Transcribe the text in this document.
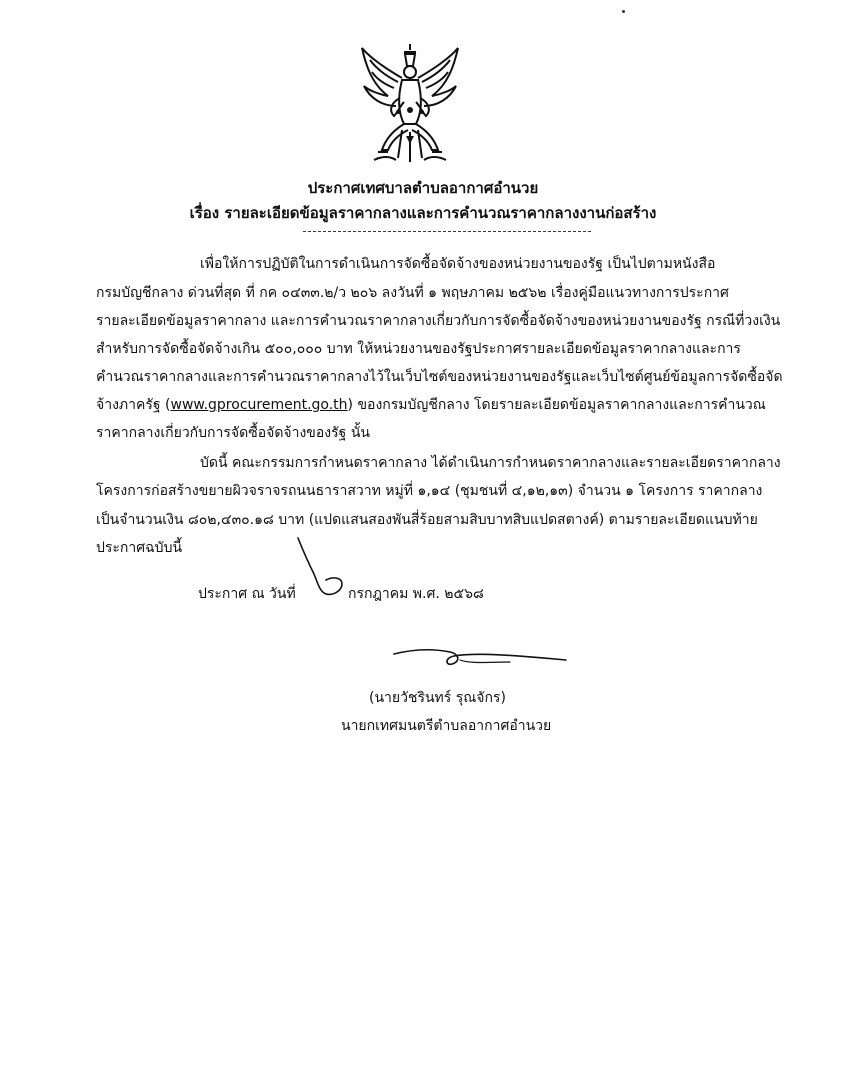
ประกาศเทศบาลตำบลอากาศอำนวย
เรื่อง รายละเอียดข้อมูลราคากลางและการคำนวณราคากลางงานก่อสร้าง
เพื่อให้การปฏิบัติในการดำเนินการจัดซื้อจัดจ้างของหน่วยงานของรัฐ เป็นไปตามหนังสือ
กรมบัญชีกลาง ด่วนที่สุด ที่ กค ๐๔๓๓.๒/ว ๒๐๖ ลงวันที่ ๑ พฤษภาคม ๒๕๖๒ เรื่องคู่มือแนวทางการประกาศ
รายละเอียดข้อมูลราคากลาง และการคำนวณราคากลางเกี่ยวกับการจัดซื้อจัดจ้างของหน่วยงานของรัฐ กรณีที่วงเงิน
สำหรับการจัดซื้อจัดจ้างเกิน ๕๐๐,๐๐๐ บาท ให้หน่วยงานของรัฐประกาศรายละเอียดข้อมูลราคากลางและการ
คำนวณราคากลางและการคำนวณราคากลางไว้ในเว็บไซต์ของหน่วยงานของรัฐและเว็บไซต์ศูนย์ข้อมูลการจัดซื้อจัด
จ้างภาครัฐ (www.gprocurement.go.th) ของกรมบัญชีกลาง โดยรายละเอียดข้อมูลราคากลางและการคำนวณ
ราคากลางเกี่ยวกับการจัดซื้อจัดจ้างของรัฐ นั้น
บัดนี้ คณะกรรมการกำหนดราคากลาง ได้ดำเนินการกำหนดราคากลางและรายละเอียดราคากลาง
โครงการก่อสร้างขยายผิวจราจรถนนธาราสวาท หมู่ที่ ๑,๑๔ (ชุมชนที่ ๔,๑๒,๑๓) จำนวน ๑ โครงการ ราคากลาง
เป็นจำนวนเงิน ๘๐๒,๔๓๐.๑๘ บาท (แปดแสนสองพันสี่ร้อยสามสิบบาทสิบแปดสตางค์) ตามรายละเอียดแนบท้าย
ประกาศฉบับนี้
ประกาศ ณ วันที่	กรกฎาคม พ.ศ. ๒๕๖๘
(นายวัชรินทร์ รุณจักร)
นายกเทศมนตรีตำบลอากาศอำนวย
